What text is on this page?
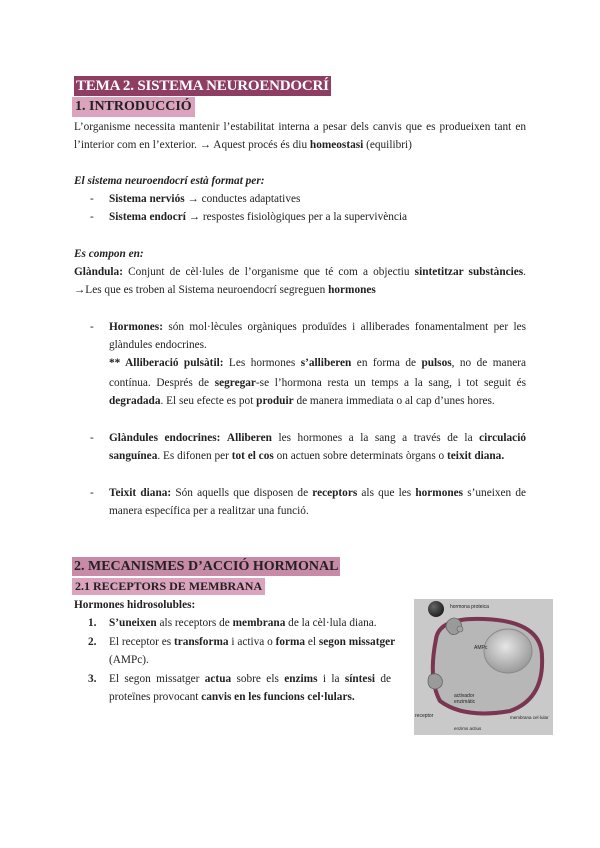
TEMA 2. SISTEMA NEUROENDOCRÍ
1. INTRODUCCIÓ
L’organisme necessita mantenir l’estabilitat interna a pesar dels canvis que es produeixen tant en
l’interior com en l’exterior. → Aquest procés és diu homeostasi (equilibri)
El sistema neuroendocrí està format per:
- Sistema nerviós → conductes adaptatives
- Sistema endocrí → respostes fisiològiques per a la supervivència
Es compon en:
Glàndula: Conjunt de cèl·lules de l’organisme que té com a objectiu sintetitzar substàncies.
→Les que es troben al Sistema neuroendocrí segreguen hormones
- Hormones: són mol·lècules orgàniques produïdes i alliberades fonamentalment per les
glàndules endocrines.
** Alliberació pulsàtil: Les hormones s’alliberen en forma de pulsos, no de manera
contínua. Després de segregar-se l’hormona resta un temps a la sang, i tot seguit és
degradada. El seu efecte es pot produir de manera immediata o al cap d’unes hores.
- Glàndules endocrines: Alliberen les hormones a la sang a través de la circulació
sanguínea. Es difonen per tot el cos on actuen sobre determinats òrgans o teixit diana.
- Teixit diana: Són aquells que disposen de receptors als que les hormones s’uneixen de
manera específica per a realitzar una funció.
2. MECANISMES D’ACCIÓ HORMONAL
2.1 RECEPTORS DE MEMBRANA
Hormones hidrosolubles:
1. S’uneixen als receptors de membrana de la cèl·lula diana.
2. El receptor es transforma i activa o forma el segon missatger
(AMPc).
3. El segon missatger actua sobre els enzims i la síntesi de
proteïnes provocant canvis en les funcions cel·lulars.
hormona proteica
AMPc
activador
enzimàtic
receptor	membrana cel·lular
enzims actius
